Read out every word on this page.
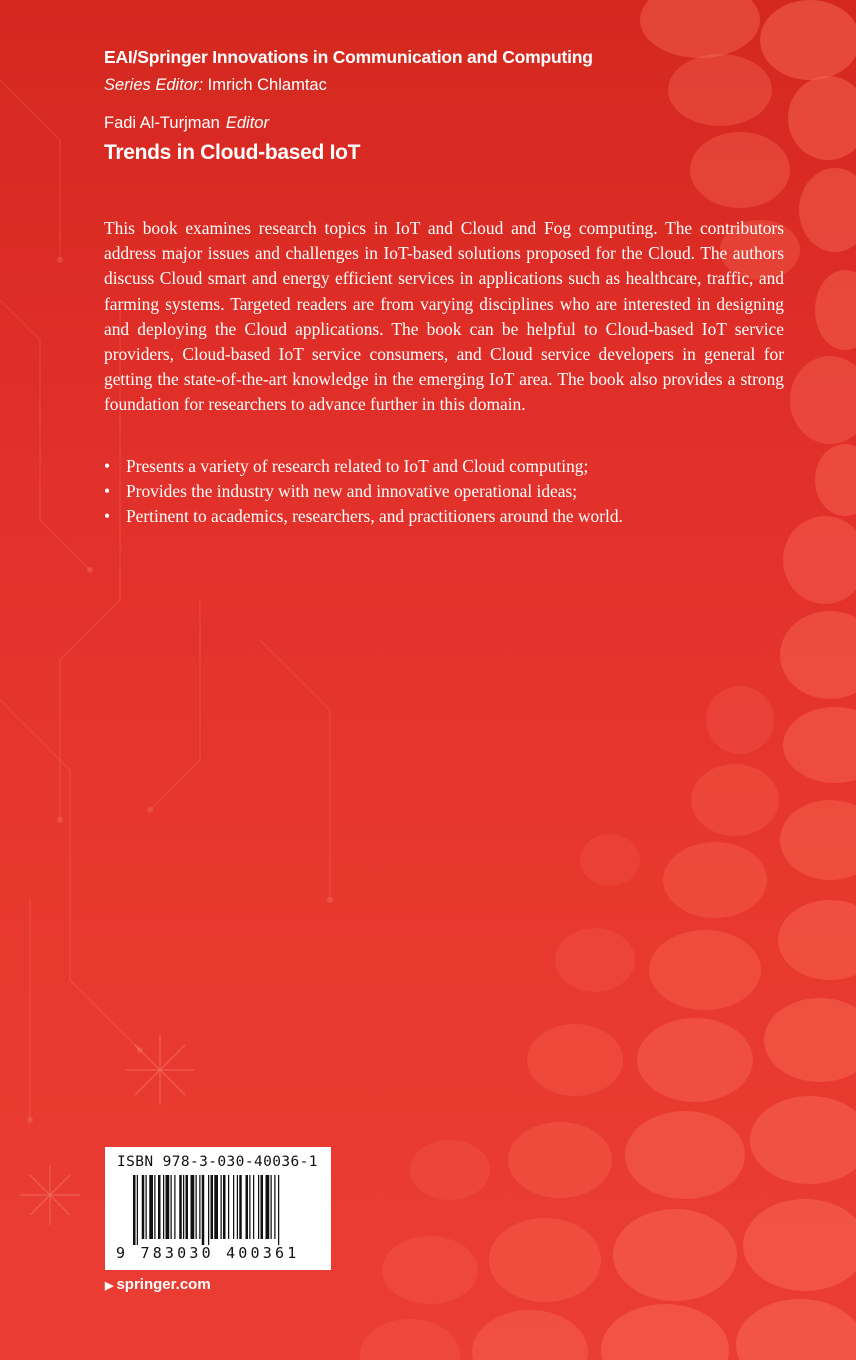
EAI/Springer Innovations in Communication and Computing
Series Editor: Imrich Chlamtac
Fadi Al-Turjman Editor
Trends in Cloud-based IoT

This book examines research topics in IoT and Cloud and Fog computing. The contributors address major issues and challenges in IoT-based solutions proposed for the Cloud. The authors discuss Cloud smart and energy efficient services in applications such as healthcare, traffic, and farming systems. Targeted readers are from varying disciplines who are interested in designing and deploying the Cloud applications. The book can be helpful to Cloud-based IoT service providers, Cloud-based IoT service consumers, and Cloud service developers in general for getting the state-of-the-art knowledge in the emerging IoT area. The book also provides a strong foundation for researchers to advance further in this domain.

• Presents a variety of research related to IoT and Cloud computing;
• Provides the industry with new and innovative operational ideas;
• Pertinent to academics, researchers, and practitioners around the world.
ISBN 978-3-030-40036-1
9 783030 400361
▶ springer.com
